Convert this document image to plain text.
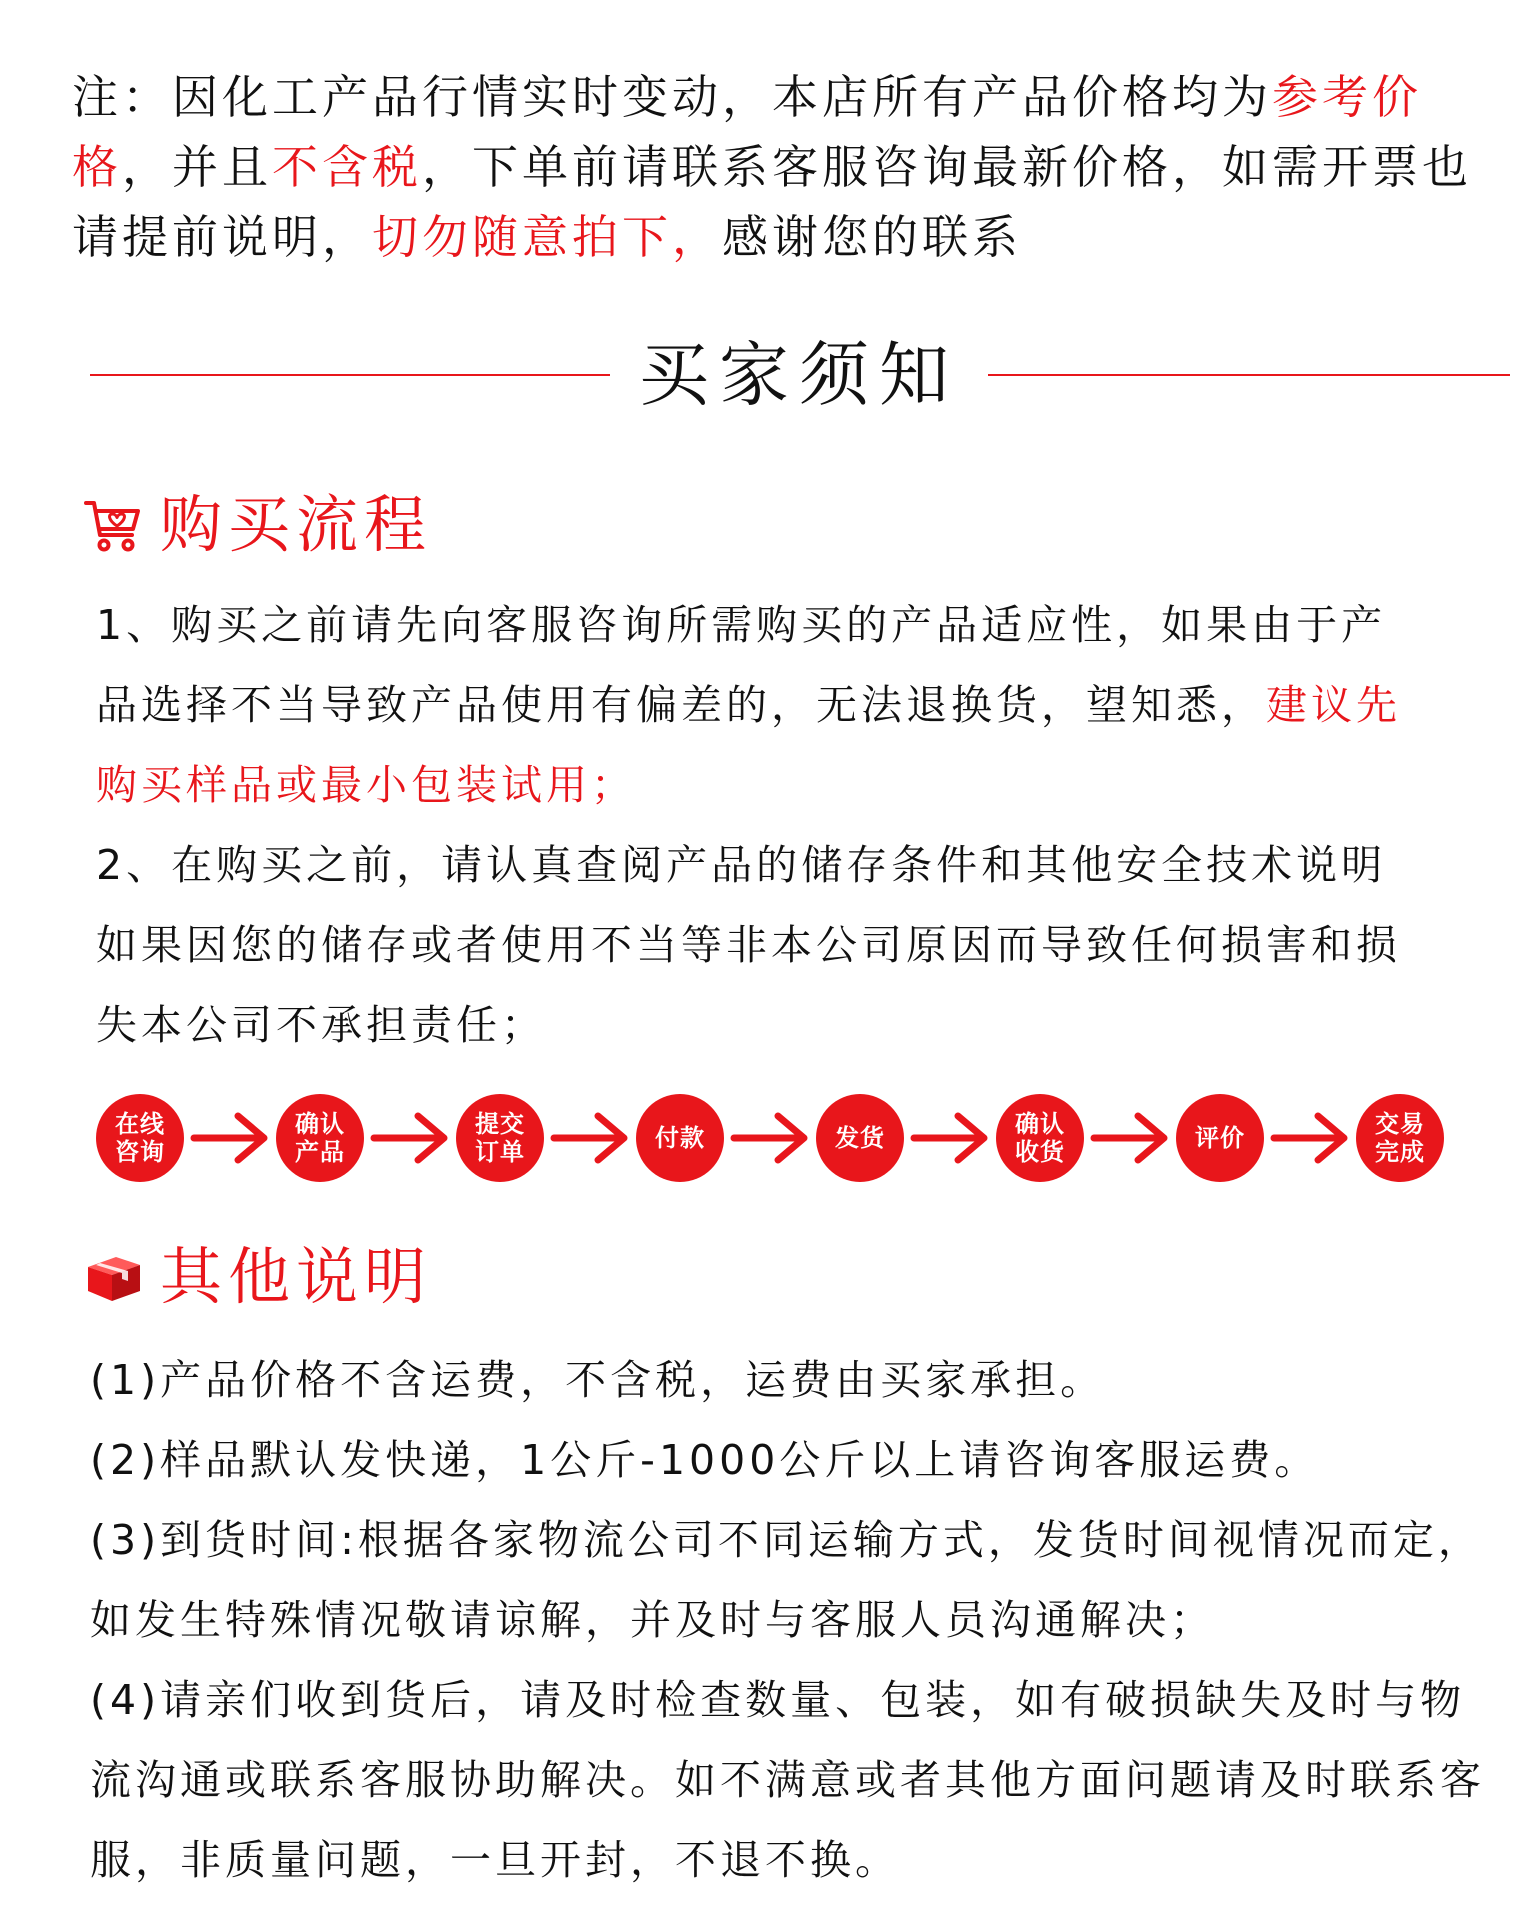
注：因化工产品行情实时变动，本店所有产品价格均为参考价格，并且不含税，下单前请联系客服咨询最新价格，如需开票也请提前说明，切勿随意拍下，感谢您的联系
买家须知
购买流程
1、购买之前请先向客服咨询所需购买的产品适应性，如果由于产
品选择不当导致产品使用有偏差的，无法退换货，望知悉，建议先
购买样品或最小包装试用；
2、在购买之前，请认真查阅产品的储存条件和其他安全技术说明
如果因您的储存或者使用不当等非本公司原因而导致任何损害和损
失本公司不承担责任；
在线咨询
确认产品
提交订单	付款	发货	确认收货	评价	交易完成
其他说明
(1)产品价格不含运费，不含税，运费由买家承担。
(2)样品默认发快递，1公斤-1000公斤以上请咨询客服运费。
(3)到货时间:根据各家物流公司不同运输方式，发货时间视情况而定，
如发生特殊情况敬请谅解，并及时与客服人员沟通解决；
(4)请亲们收到货后，请及时检查数量、包装，如有破损缺失及时与物
流沟通或联系客服协助解决。如不满意或者其他方面问题请及时联系客
服，非质量问题，一旦开封，不退不换。
